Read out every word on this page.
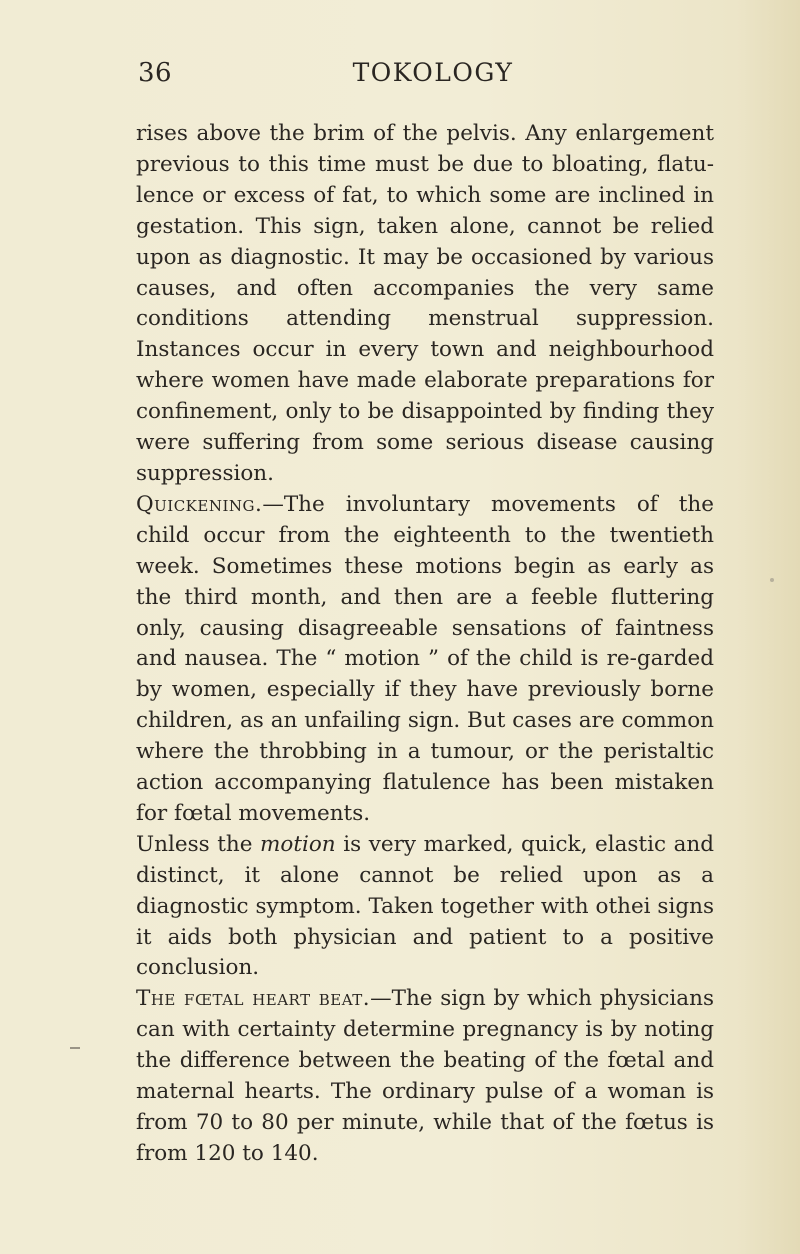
36	TOKOLOGY

rises above the brim of the pelvis. Any enlargement previous to this time must be due to bloating, flatu-lence or excess of fat, to which some are inclined in gestation. This sign, taken alone, cannot be relied upon as diagnostic. It may be occasioned by various causes, and often accompanies the very same conditions attending menstrual suppression. Instances occur in every town and neighbourhood where women have made elaborate preparations for confinement, only to be disappointed by finding they were suffering from some serious disease causing suppression.

Quickening.—The involuntary movements of the child occur from the eighteenth to the twentieth week. Sometimes these motions begin as early as the third month, and then are a feeble fluttering only, causing disagreeable sensations of faintness and nausea. The “ motion ” of the child is re-garded by women, especially if they have previously borne children, as an unfailing sign. But cases are common where the throbbing in a tumour, or the peristaltic action accompanying flatulence has been mistaken for fœtal movements.

Unless the motion is very marked, quick, elastic and distinct, it alone cannot be relied upon as a diagnostic symptom. Taken together with othei signs it aids both physician and patient to a positive conclusion.

The fœtal heart beat.—The sign by which physicians can with certainty determine pregnancy is by noting the difference between the beating of the fœtal and maternal hearts. The ordinary pulse of a woman is from 70 to 80 per minute, while that of the fœtus is from 120 to 140.
